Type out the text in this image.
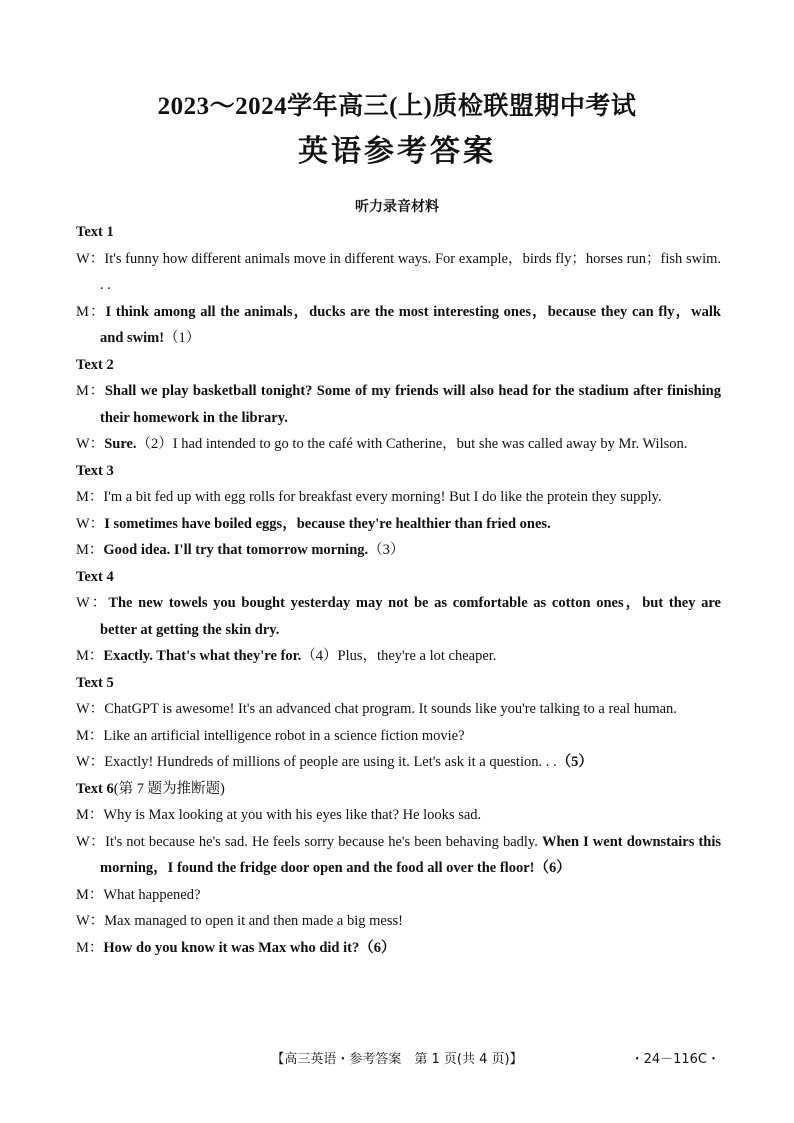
2023～2024学年高三(上)质检联盟期中考试
英语参考答案
听力录音材料
Text 1
W：It's funny how different animals move in different ways. For example，birds fly；horses run；fish swim. . .
M：I think among all the animals，ducks are the most interesting ones，because they can fly，walk and swim!（1）
Text 2
M：Shall we play basketball tonight? Some of my friends will also head for the stadium after finishing their homework in the library.
W：Sure.（2）I had intended to go to the café with Catherine，but she was called away by Mr. Wilson.
Text 3
M：I'm a bit fed up with egg rolls for breakfast every morning! But I do like the protein they supply.
W：I sometimes have boiled eggs，because they're healthier than fried ones.
M：Good idea. I'll try that tomorrow morning.（3）
Text 4
W：The new towels you bought yesterday may not be as comfortable as cotton ones，but they are better at getting the skin dry.
M：Exactly. That's what they're for.（4）Plus，they're a lot cheaper.
Text 5
W：ChatGPT is awesome! It's an advanced chat program. It sounds like you're talking to a real human.
M：Like an artificial intelligence robot in a science fiction movie?
W：Exactly! Hundreds of millions of people are using it. Let's ask it a question. . .（5）
Text 6(第 7 题为推断题)
M：Why is Max looking at you with his eyes like that? He looks sad.
W：It's not because he's sad. He feels sorry because he's been behaving badly. When I went downstairs this morning，I found the fridge door open and the food all over the floor!（6）
M：What happened?
W：Max managed to open it and then made a big mess!
M：How do you know it was Max who did it?（6）
【高三英语・参考答案　第 1 页(共 4 页)】	・24－116C・
